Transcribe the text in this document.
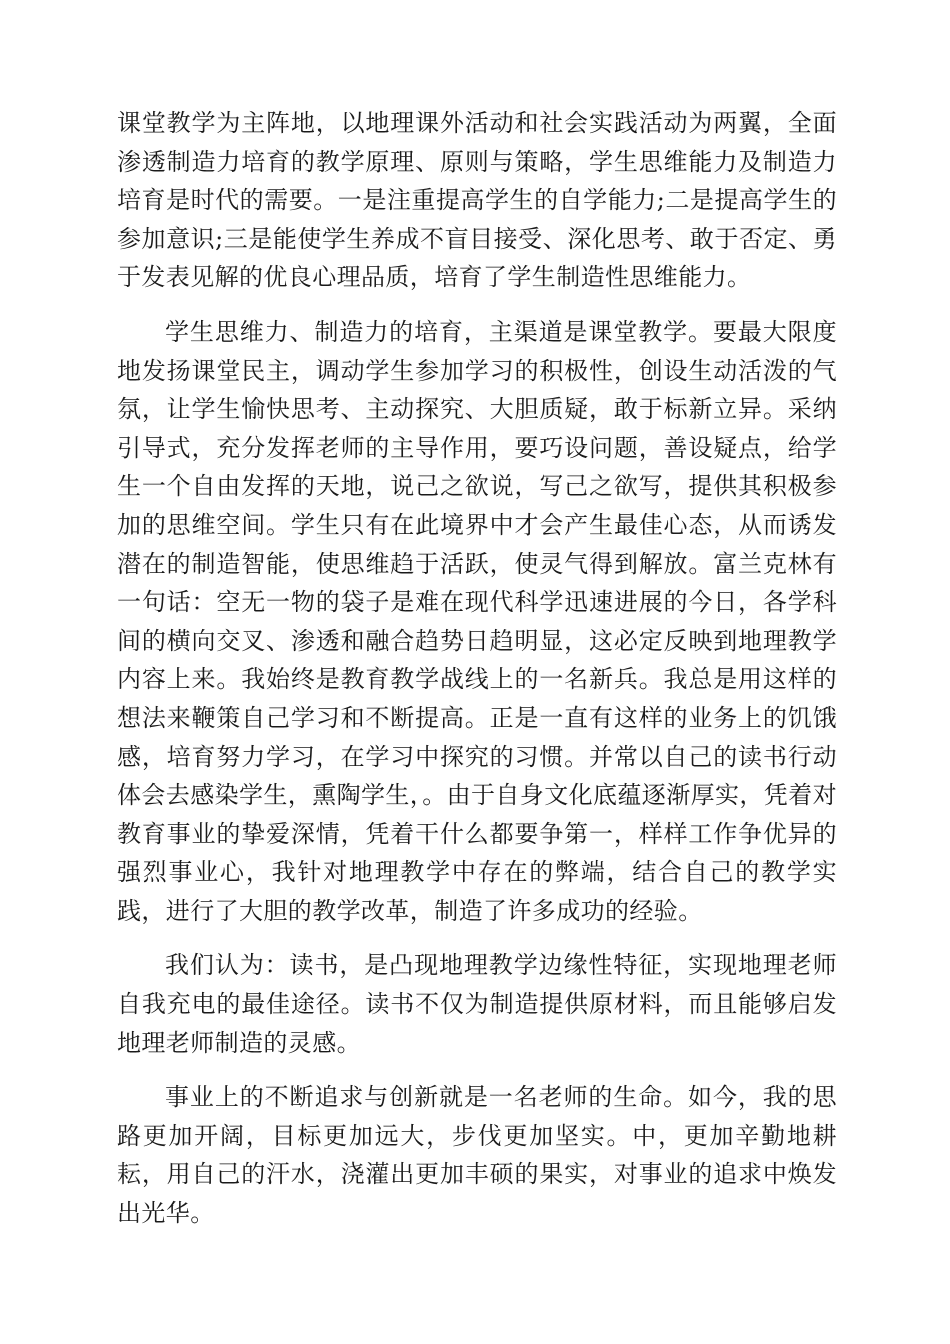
课堂教学为主阵地，以地理课外活动和社会实践活动为两翼，全面渗透制造力培育的教学原理、原则与策略，学生思维能力及制造力培育是时代的需要。一是注重提高学生的自学能力;二是提高学生的参加意识;三是能使学生养成不盲目接受、深化思考、敢于否定、勇于发表见解的优良心理品质，培育了学生制造性思维能力。

学生思维力、制造力的培育，主渠道是课堂教学。要最大限度地发扬课堂民主，调动学生参加学习的积极性，创设生动活泼的气氛，让学生愉快思考、主动探究、大胆质疑，敢于标新立异。采纳引导式，充分发挥老师的主导作用，要巧设问题，善设疑点，给学生一个自由发挥的天地，说己之欲说，写己之欲写，提供其积极参加的思维空间。学生只有在此境界中才会产生最佳心态，从而诱发潜在的制造智能，使思维趋于活跃，使灵气得到解放。富兰克林有一句话：空无一物的袋子是难在现代科学迅速进展的今日，各学科间的横向交叉、渗透和融合趋势日趋明显，这必定反映到地理教学内容上来。我始终是教育教学战线上的一名新兵。我总是用这样的想法来鞭策自己学习和不断提高。正是一直有这样的业务上的饥饿感，培育努力学习，在学习中探究的习惯。并常以自己的读书行动体会去感染学生，熏陶学生，。由于自身文化底蕴逐渐厚实，凭着对教育事业的挚爱深情，凭着干什么都要争第一，样样工作争优异的强烈事业心，我针对地理教学中存在的弊端，结合自己的教学实践，进行了大胆的教学改革，制造了许多成功的经验。

我们认为：读书，是凸现地理教学边缘性特征，实现地理老师自我充电的最佳途径。读书不仅为制造提供原材料，而且能够启发地理老师制造的灵感。

事业上的不断追求与创新就是一名老师的生命。如今，我的思路更加开阔，目标更加远大，步伐更加坚实。中，更加辛勤地耕耘，用自己的汗水，浇灌出更加丰硕的果实，对事业的追求中焕发出光华。
